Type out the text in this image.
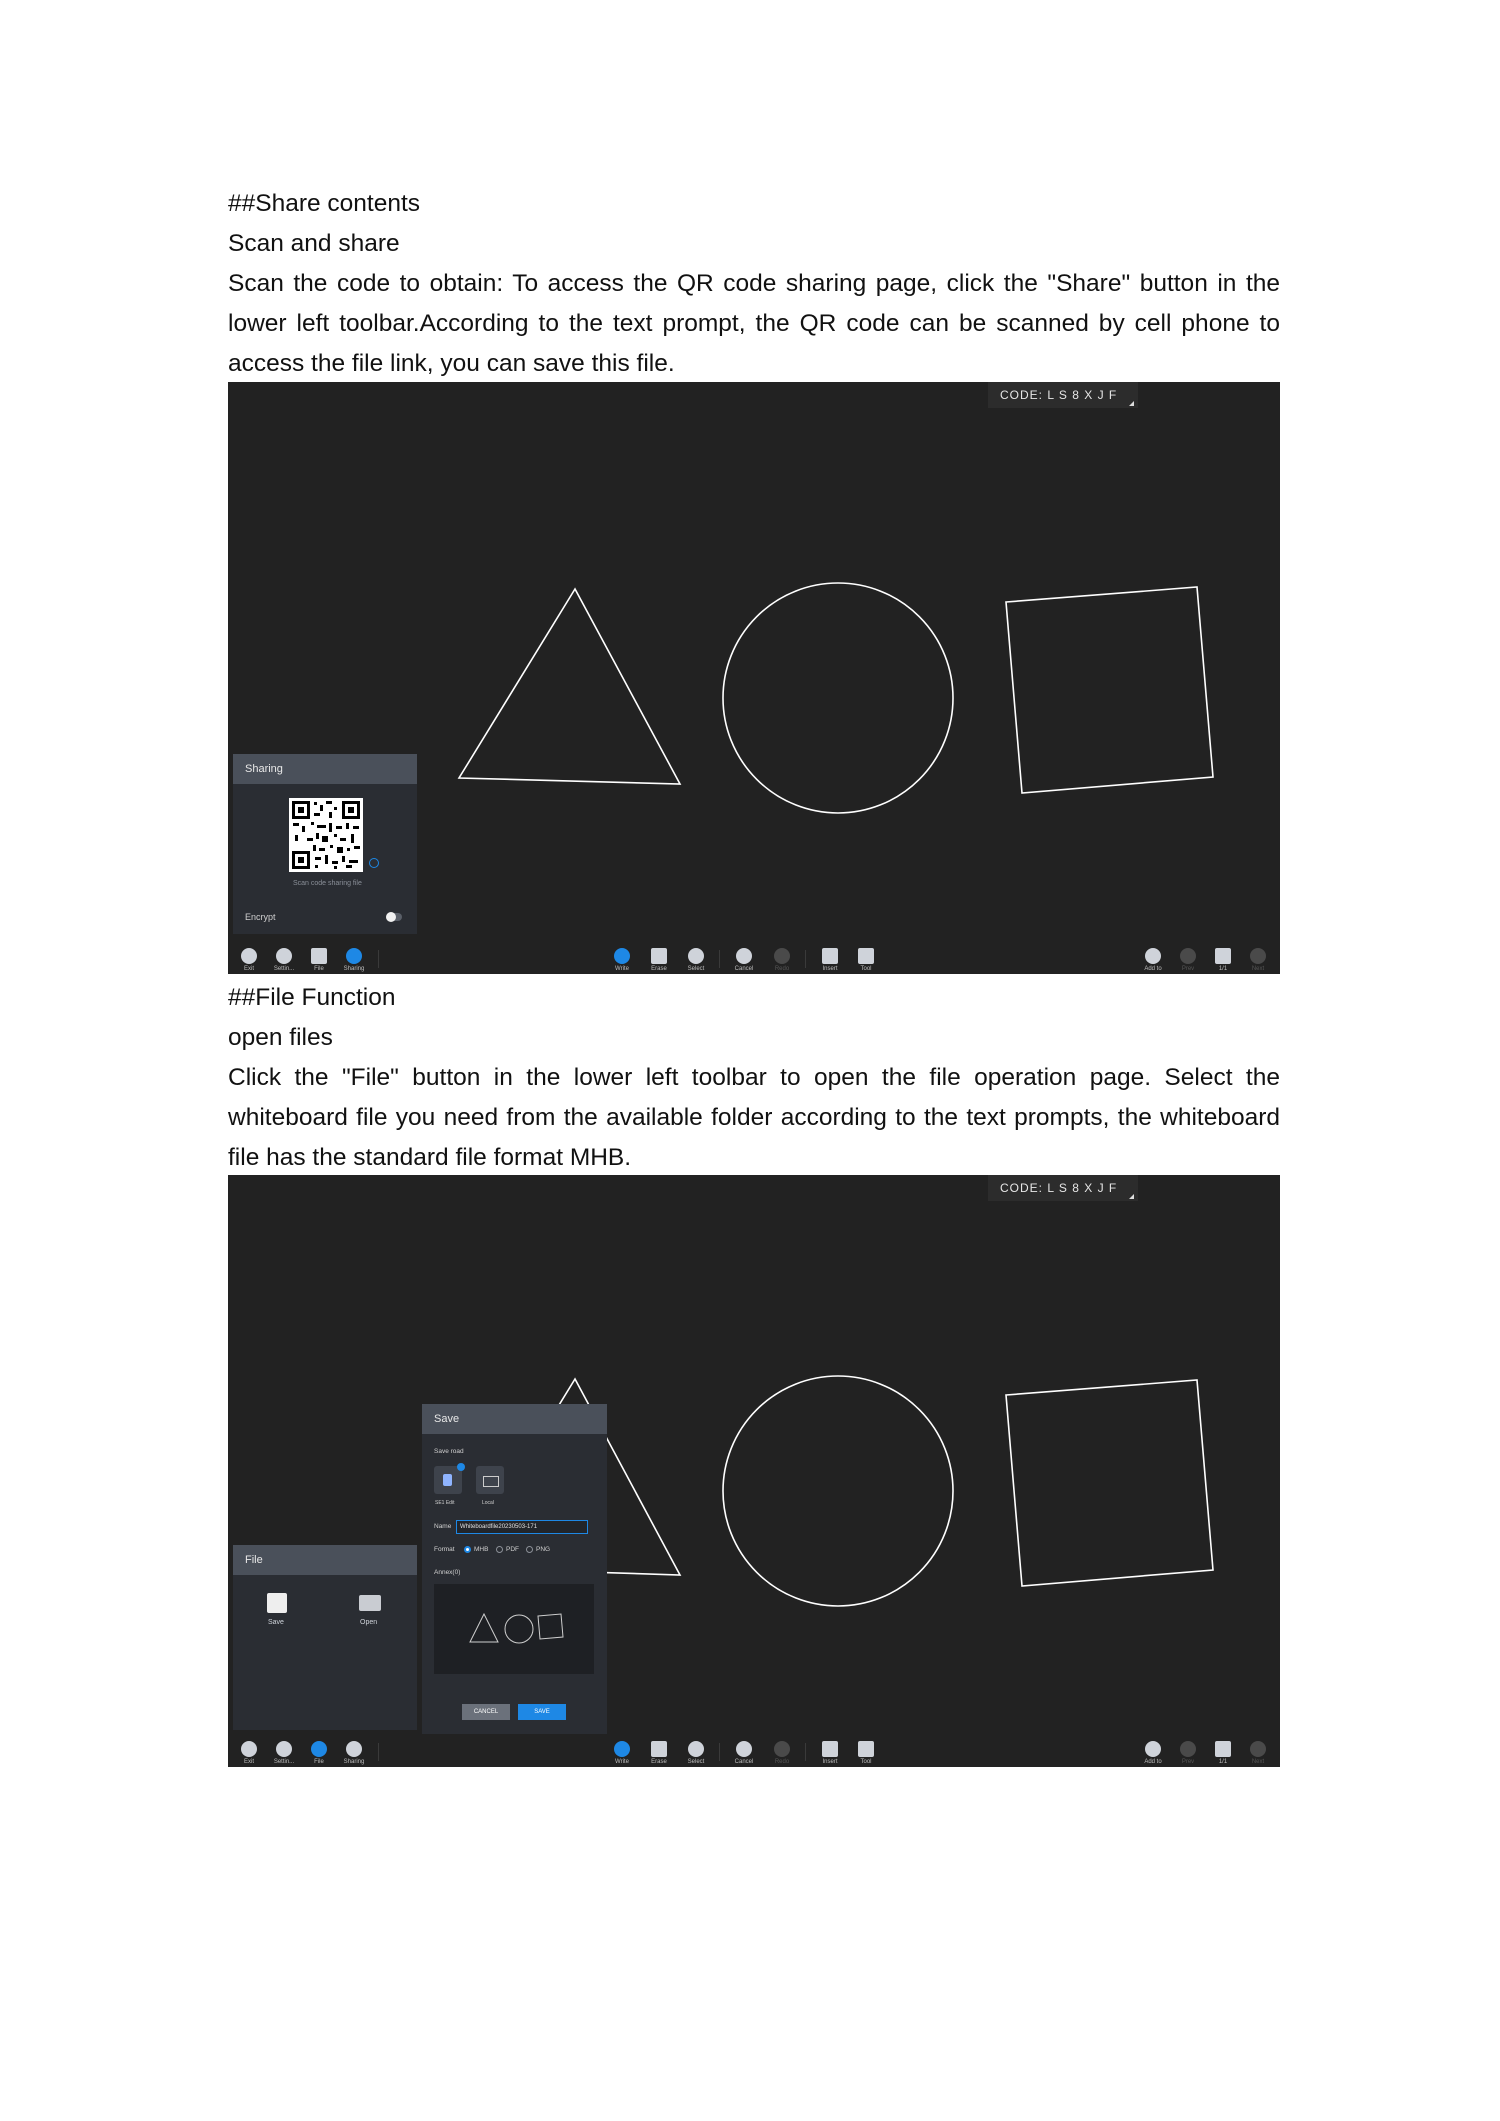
##Share contents
Scan and share
Scan the code to obtain: To access the QR code sharing page, click the "Share" button in the lower left toolbar.According to the text prompt, the QR code can be scanned by cell phone to access the file link, you can save this file.
CODE: L S 8 X J F
Sharing
Scan code sharing file
Encrypt
Exit	Settin...	File	Sharing	Write	Erase	Select	Cancel	Redo	Insert	Tool	Add to	Prev	1/1	Next
##File Function
open files
Click the "File" button in the lower left toolbar to open the file operation page. Select the whiteboard file you need from the available folder according to the text prompts, the whiteboard file has the standard file format MHB.
CODE: L S 8 X J F
File
Save	Open
Save
Save road
SE1 Edit	Local
Name	Whiteboardfile20230503-171
Format	MHB	PDF	PNG
Annex(0)
CANCEL	SAVE
Exit	Settin...	File	Sharing	Write	Erase	Select	Cancel	Redo	Insert	Tool	Add to	Prev	1/1	Next
